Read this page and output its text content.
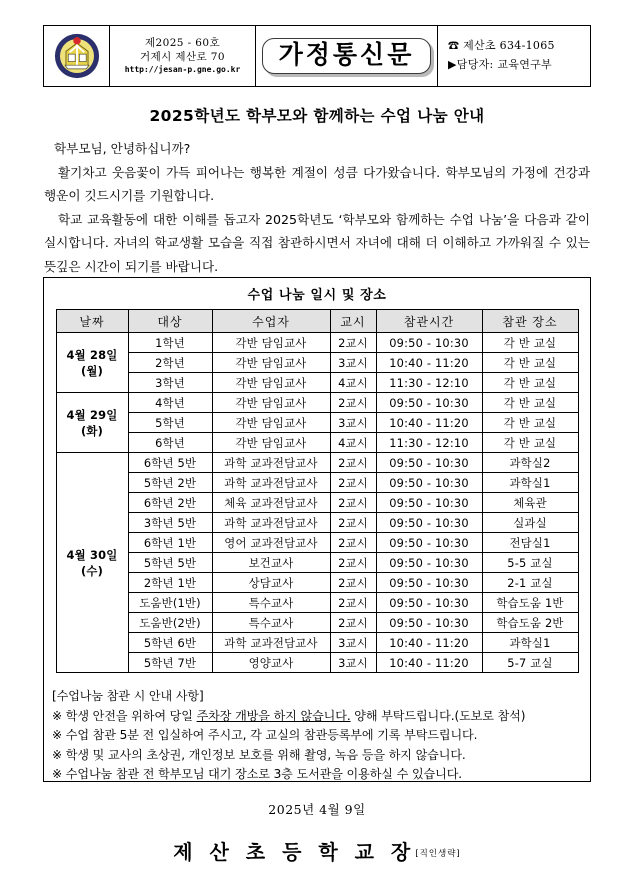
제2025 - 60호
거제시 제산로 70
http://jesan-p.gne.go.kr
가정통신문	☎ 제산초 634-1065
▶담당자: 교육연구부
2025학년도 학부모와 함께하는 수업 나눔 안내

학부모님, 안녕하십니까?

활기차고 웃음꽃이 가득 피어나는 행복한 계절이 성큼 다가왔습니다. 학부모님의 가정에 건강과 행운이 깃드시기를 기원합니다.

학교 교육활동에 대한 이해를 돕고자 2025학년도 ‘학부모와 함께하는 수업 나눔’을 다음과 같이 실시합니다. 자녀의 학교생활 모습을 직접 참관하시면서 자녀에 대해 더 이해하고 가까워질 수 있는 뜻깊은 시간이 되기를 바랍니다.

수업 나눔 일시 및 장소
날짜	대상	수업자	교시	참관시간	참관 장소

4월 28일
(월)	1학년	각반 담임교사	2교시	09:50 - 10:30	각 반 교실
	2학년	각반 담임교사	3교시	10:40 - 11:20	각 반 교실
	3학년	각반 담임교사	4교시	11:30 - 12:10	각 반 교실

4월 29일
(화)	4학년	각반 담임교사	2교시	09:50 - 10:30	각 반 교실
	5학년	각반 담임교사	3교시	10:40 - 11:20	각 반 교실
	6학년	각반 담임교사	4교시	11:30 - 12:10	각 반 교실

4월 30일
(수)	6학년 5반	과학 교과전담교사	2교시	09:50 - 10:30	과학실2
	5학년 2반	과학 교과전담교사	2교시	09:50 - 10:30	과학실1
	6학년 2반	체육 교과전담교사	2교시	09:50 - 10:30	체육관
	3학년 5반	과학 교과전담교사	2교시	09:50 - 10:30	실과실
	6학년 1반	영어 교과전담교사	2교시	09:50 - 10:30	전담실1
	5학년 5반	보건교사	2교시	09:50 - 10:30	5-5 교실
	2학년 1반	상담교사	2교시	09:50 - 10:30	2-1 교실
	도움반(1반)	특수교사	2교시	09:50 - 10:30	학습도움 1반
	도움반(2반)	특수교사	2교시	09:50 - 10:30	학습도움 2반
	5학년 6반	과학 교과전담교사	3교시	10:40 - 11:20	과학실1
	5학년 7반	영양교사	3교시	10:40 - 11:20	5-7 교실
[수업나눔 참관 시 안내 사항]
※ 학생 안전을 위하여 당일 주차장 개방을 하지 않습니다. 양해 부탁드립니다.(도보로 참석)
※ 수업 참관 5분 전 입실하여 주시고, 각 교실의 참관등록부에 기록 부탁드립니다.
※ 학생 및 교사의 초상권, 개인정보 보호를 위해 촬영, 녹음 등을 하지 않습니다.
※ 수업나눔 참관 전 학부모님 대기 장소로 3층 도서관을 이용하실 수 있습니다.
2025년 4월 9일
제 산 초 등 학 교 장[직인생략]
